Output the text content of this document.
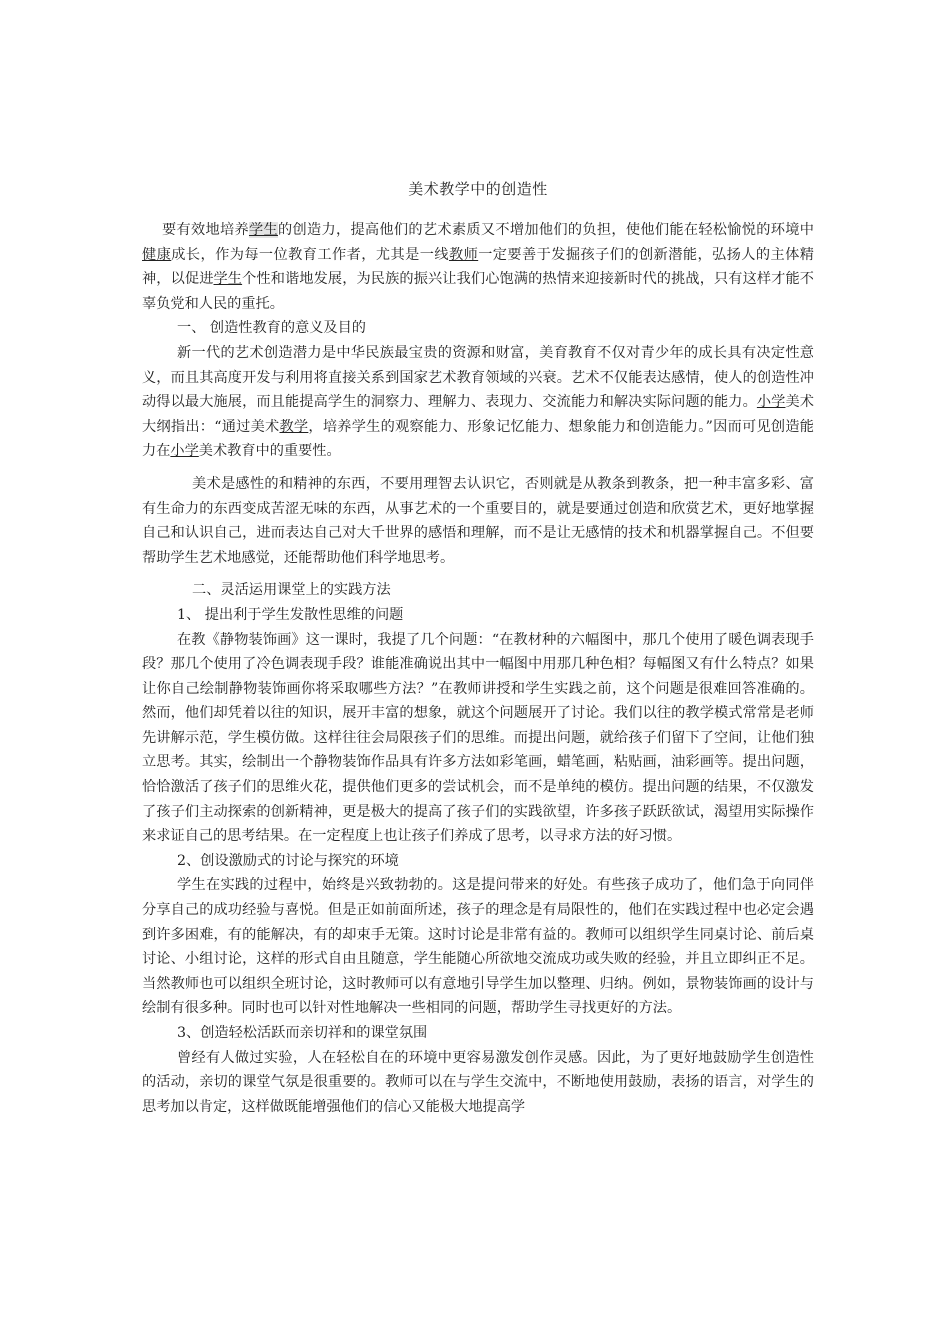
美术教学中的创造性

要有效地培养学生的创造力，提高他们的艺术素质又不增加他们的负担，使他们能在轻松愉悦的环境中健康成长，作为每一位教育工作者，尤其是一线教师一定要善于发掘孩子们的创新潜能，弘扬人的主体精神，以促进学生个性和谐地发展，为民族的振兴让我们心饱满的热情来迎接新时代的挑战，只有这样才能不辜负党和人民的重托。

一、 创造性教育的意义及目的

新一代的艺术创造潜力是中华民族最宝贵的资源和财富，美育教育不仅对青少年的成长具有决定性意义，而且其高度开发与利用将直接关系到国家艺术教育领域的兴衰。艺术不仅能表达感情，使人的创造性冲动得以最大施展，而且能提高学生的洞察力、理解力、表现力、交流能力和解决实际问题的能力。小学美术大纲指出：“通过美术教学，培养学生的观察能力、形象记忆能力、想象能力和创造能力。”因而可见创造能力在小学美术教育中的重要性。

美术是感性的和精神的东西，不要用理智去认识它，否则就是从教条到教条，把一种丰富多彩、富有生命力的东西变成苦涩无味的东西，从事艺术的一个重要目的，就是要通过创造和欣赏艺术，更好地掌握自己和认识自己，进而表达自己对大千世界的感悟和理解，而不是让无感情的技术和机器掌握自己。不但要帮助学生艺术地感觉，还能帮助他们科学地思考。

二、灵活运用课堂上的实践方法

1、 提出利于学生发散性思维的问题

在教《静物装饰画》这一课时，我提了几个问题：“在教材种的六幅图中，那几个使用了暖色调表现手段？那几个使用了冷色调表现手段？谁能准确说出其中一幅图中用那几种色相？每幅图又有什么特点？如果让你自己绘制静物装饰画你将采取哪些方法？”在教师讲授和学生实践之前，这个问题是很难回答准确的。然而，他们却凭着以往的知识，展开丰富的想象，就这个问题展开了讨论。我们以往的教学模式常常是老师先讲解示范，学生模仿做。这样往往会局限孩子们的思维。而提出问题，就给孩子们留下了空间，让他们独立思考。其实，绘制出一个静物装饰作品具有许多方法如彩笔画，蜡笔画，粘贴画，油彩画等。提出问题，恰恰激活了孩子们的思维火花，提供他们更多的尝试机会，而不是单纯的模仿。提出问题的结果，不仅激发了孩子们主动探索的创新精神，更是极大的提高了孩子们的实践欲望，许多孩子跃跃欲试，渴望用实际操作来求证自己的思考结果。在一定程度上也让孩子们养成了思考，以寻求方法的好习惯。

2、创设激励式的讨论与探究的环境

学生在实践的过程中，始终是兴致勃勃的。这是提问带来的好处。有些孩子成功了，他们急于向同伴分享自己的成功经验与喜悦。但是正如前面所述，孩子的理念是有局限性的，他们在实践过程中也必定会遇到许多困难，有的能解决，有的却束手无策。这时讨论是非常有益的。教师可以组织学生同桌讨论、前后桌讨论、小组讨论，这样的形式自由且随意，学生能随心所欲地交流成功或失败的经验，并且立即纠正不足。当然教师也可以组织全班讨论，这时教师可以有意地引导学生加以整理、归纳。例如，景物装饰画的设计与绘制有很多种。同时也可以针对性地解决一些相同的问题，帮助学生寻找更好的方法。

3、创造轻松活跃而亲切祥和的课堂氛围

曾经有人做过实验，人在轻松自在的环境中更容易激发创作灵感。因此，为了更好地鼓励学生创造性的活动，亲切的课堂气氛是很重要的。教师可以在与学生交流中，不断地使用鼓励，表扬的语言，对学生的思考加以肯定，这样做既能增强他们的信心又能极大地提高学
